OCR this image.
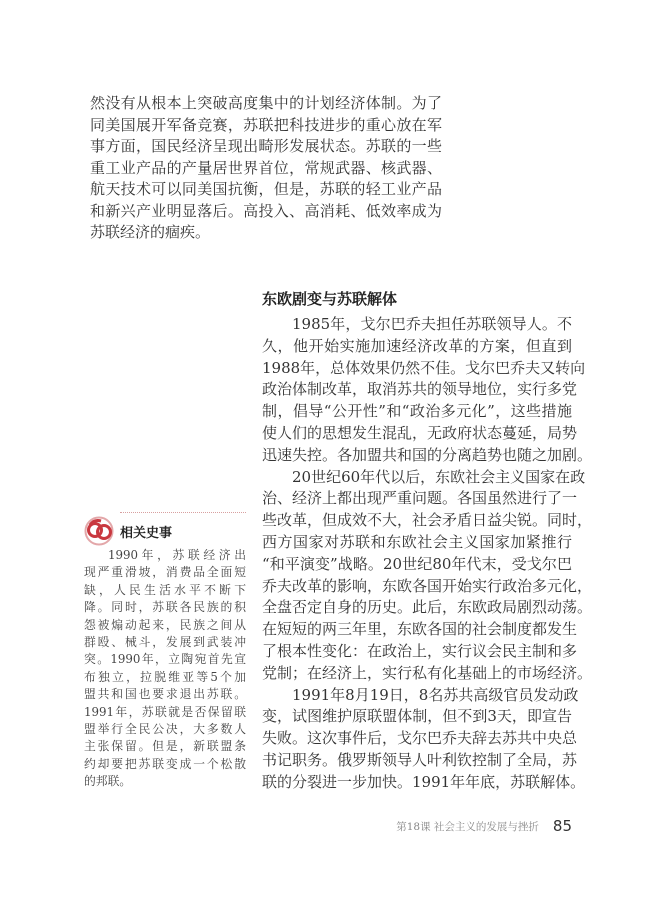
然没有从根本上突破高度集中的计划经济体制。为了
同美国展开军备竞赛，苏联把科技进步的重心放在军
事方面，国民经济呈现出畸形发展状态。苏联的一些
重工业产品的产量居世界首位，常规武器、核武器、
航天技术可以同美国抗衡，但是，苏联的轻工业产品
和新兴产业明显落后。高投入、高消耗、低效率成为
苏联经济的痼疾。
东欧剧变与苏联解体
1985年，戈尔巴乔夫担任苏联领导人。不
久，他开始实施加速经济改革的方案，但直到
1988年，总体效果仍然不佳。戈尔巴乔夫又转向
政治体制改革，取消苏共的领导地位，实行多党
制，倡导“公开性”和“政治多元化”，这些措施
使人们的思想发生混乱，无政府状态蔓延，局势
迅速失控。各加盟共和国的分离趋势也随之加剧。
20世纪60年代以后，东欧社会主义国家在政
治、经济上都出现严重问题。各国虽然进行了一
些改革，但成效不大，社会矛盾日益尖锐。同时，
西方国家对苏联和东欧社会主义国家加紧推行
“和平演变”战略。20世纪80年代末，受戈尔巴
乔夫改革的影响，东欧各国开始实行政治多元化，
全盘否定自身的历史。此后，东欧政局剧烈动荡。
在短短的两三年里，东欧各国的社会制度都发生
了根本性变化：在政治上，实行议会民主制和多
党制；在经济上，实行私有化基础上的市场经济。
1991年8月19日，8名苏共高级官员发动政
变，试图维护原联盟体制，但不到3天，即宣告
失败。这次事件后，戈尔巴乔夫辞去苏共中央总
书记职务。俄罗斯领导人叶利钦控制了全局，苏
联的分裂进一步加快。1991年年底，苏联解体。
相关史事
1990年，苏联经济出
现严重滑坡，消费品全面短
缺，人民生活水平不断下
降。同时，苏联各民族的积
怨被煽动起来，民族之间从
群殴、械斗，发展到武装冲
突。1990年，立陶宛首先宣
布独立，拉脱维亚等5个加
盟共和国也要求退出苏联。
1991年，苏联就是否保留联
盟举行全民公决，大多数人
主张保留。但是，新联盟条
约却要把苏联变成一个松散
的邦联。
第18课 社会主义的发展与挫折 85
